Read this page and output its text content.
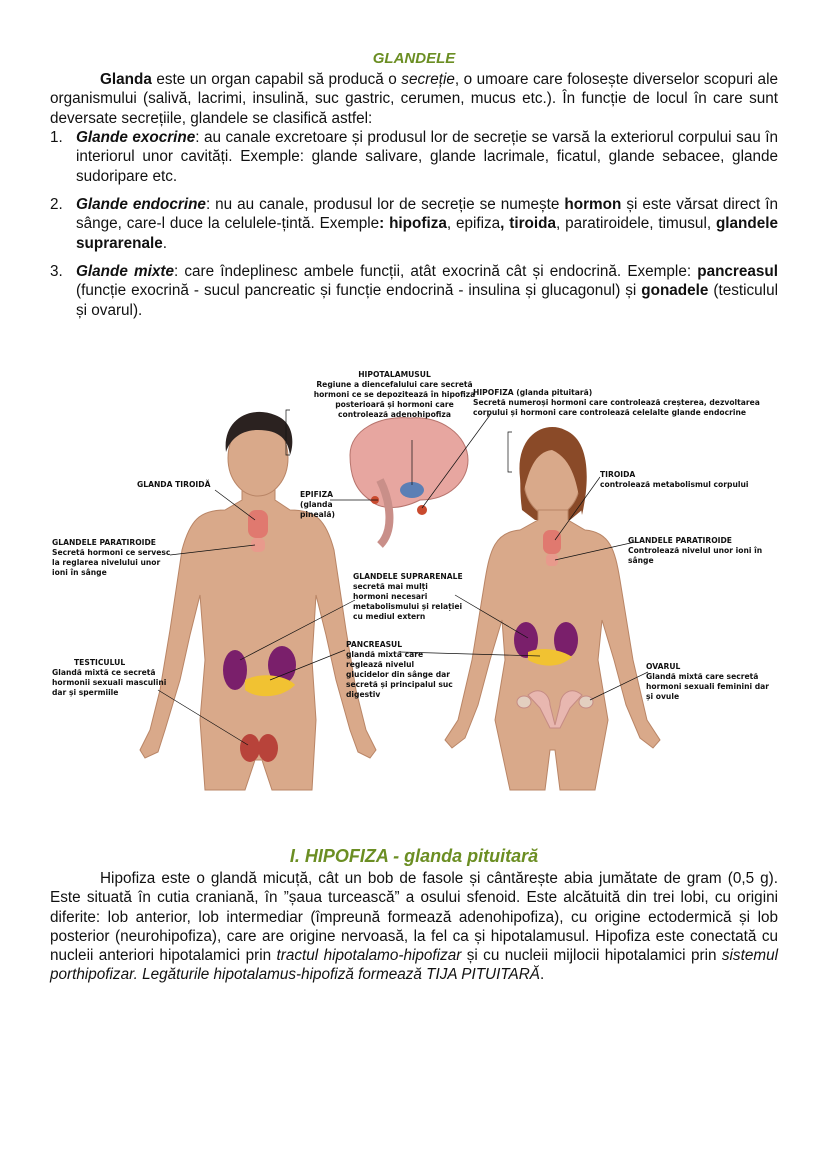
GLANDELE
Glanda este un organ capabil să producă o secreție, o umoare care folosește diverselor scopuri ale organismului (salivă, lacrimi, insulină, suc gastric, cerumen, mucus etc.). În funcție de locul în care sunt deversate secrețiile, glandele se clasifică astfel:
1. Glande exocrine: au canale excretoare și produsul lor de secreție se varsă la exteriorul corpului sau în interiorul unor cavități. Exemple: glande salivare, glande lacrimale, ficatul, glande sebacee, glande sudoripare etc.
2. Glande endocrine: nu au canale, produsul lor de secreție se numește hormon și este vărsat direct în sânge, care-l duce la celulele-țintă. Exemple: hipofiza, epifiza, tiroida, paratiroidele, timusul, glandele suprarenale.
3. Glande mixte: care îndeplinesc ambele funcții, atât exocrină cât și endocrină. Exemple: pancreasul (funcție exocrină - sucul pancreatic și funcție endocrină - insulina și glucagonul) și gonadele (testiculul și ovarul).
HIPOTALAMUSUL
Regiune a diencefalului care secretă hormoni ce se depozitează în hipofiza posterioară și hormoni care controlează adenohipofiza
HIPOFIZA (glanda pituitară)
Secretă numeroși hormoni care controlează creșterea, dezvoltarea corpului și hormoni care controlează celelalte glande endocrine
GLANDA TIROIDĂ
EPIFIZA
(glanda pineală)
TIROIDA
controlează metabolismul corpului
GLANDELE PARATIROIDE
Secretă hormoni ce servesc la reglarea nivelului unor ioni în sânge
GLANDELE PARATIROIDE
Controlează nivelul unor ioni în sânge
GLANDELE SUPRARENALE
secretă mai mulți hormoni necesari metabolismului și relației cu mediul extern
PANCREASUL
glandă mixtă care reglează nivelul glucidelor din sânge dar secretă și principalul suc digestiv
TESTICULUL
Glandă mixtă ce secretă hormonii sexuali masculini dar și spermiile
OVARUL
Glandă mixtă care secretă hormoni sexuali feminini dar și ovule
I. HIPOFIZA - glanda pituitară
Hipofiza este o glandă micuță, cât un bob de fasole și cântărește abia jumătate de gram (0,5 g). Este situată în cutia craniană, în ”șaua turcească” a osului sfenoid. Este alcătuită din trei lobi, cu origini diferite: lob anterior, lob intermediar (împreună formează adenohipofiza), cu origine ectodermică și lob posterior (neurohipofiza), care are origine nervoasă, la fel ca și hipotalamusul. Hipofiza este conectată cu nucleii anteriori hipotalamici prin tractul hipotalamo-hipofizar și cu nucleii mijlocii hipotalamici prin sistemul porthipofizar. Legăturile hipotalamus-hipofiză formează TIJA PITUITARĂ.
